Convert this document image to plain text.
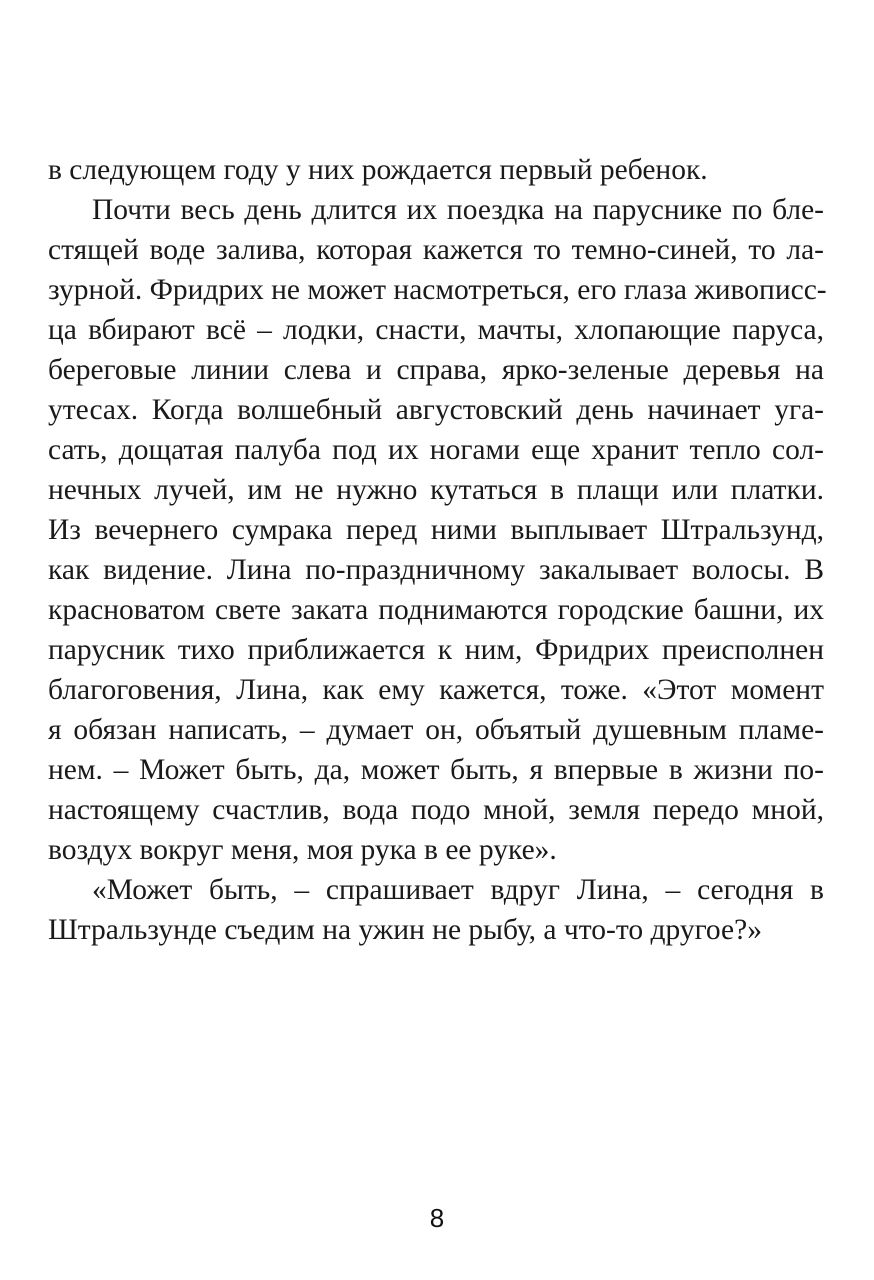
в следующем году у них рождается первый ребенок.
Почти весь день длится их поездка на паруснике по бле-
стящей воде залива, которая кажется то темно-синей, то ла-
зурной. Фридрих не может насмотреться, его глаза живописс-
ца вбирают всё – лодки, снасти, мачты, хлопающие паруса,
береговые линии слева и справа, ярко-зеленые деревья на
утесах. Когда волшебный августовский день начинает уга-
сать, дощатая палуба под их ногами еще хранит тепло сол-
нечных лучей, им не нужно кутаться в плащи или платки.
Из вечернего сумрака перед ними выплывает Штральзунд,
как видение. Лина по-праздничному закалывает волосы. В
красноватом свете заката поднимаются городские башни, их
парусник тихо приближается к ним, Фридрих преисполнен
благоговения, Лина, как ему кажется, тоже. «Этот момент
я обязан написать, – думает он, объятый душевным пламе-
нем. – Может быть, да, может быть, я впервые в жизни по-
настоящему счастлив, вода подо мной, земля передо мной,
воздух вокруг меня, моя рука в ее руке».
«Может быть, – спрашивает вдруг Лина, – сегодня в
Штральзунде съедим на ужин не рыбу, а что-то другое?»
8
